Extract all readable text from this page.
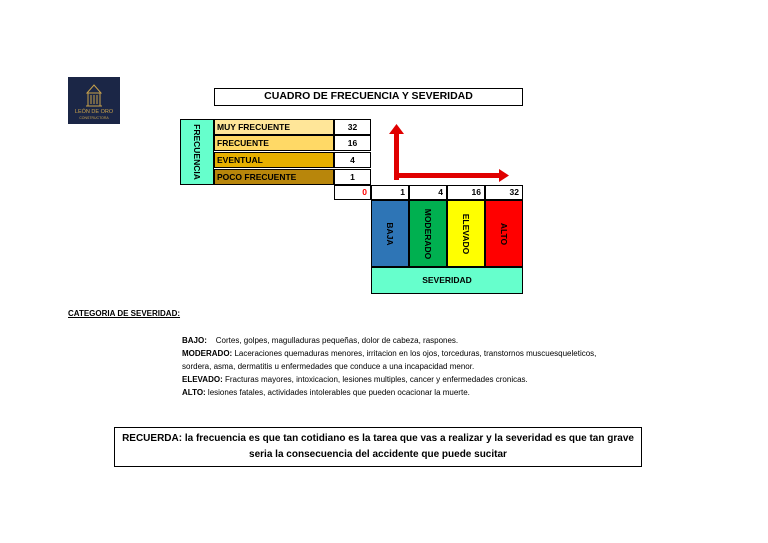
LEÓN DE ORO
CONSTRUCTORA
CUADRO DE FRECUENCIA Y SEVERIDAD
FRECUENCIA	MUY FRECUENTE	32
FRECUENTE	16
EVENTUAL	4
POCO FRECUENTE	1
0	1	4	16	32
BAJA	MODERADO	ELEVADO	ALTO
SEVERIDAD
CATEGORIA DE SEVERIDAD:
BAJO:    Cortes, golpes, magulladuras pequeñas, dolor de cabeza, raspones.
MODERADO: Laceraciones quemaduras menores, irritacion en los ojos, torceduras, transtornos muscuesqueleticos,
sordera, asma, dermatitis u enfermedades que conduce a una incapacidad menor.
ELEVADO: Fracturas mayores, intoxicacion, lesiones multiples, cancer y enfermedades cronicas.
ALTO: lesiones fatales, actividades intolerables que pueden ocacionar la muerte.
RECUERDA: la frecuencia es que tan cotidiano es la tarea que vas a realizar y la severidad es que tan grave
seria la consecuencia del accidente que puede sucitar
